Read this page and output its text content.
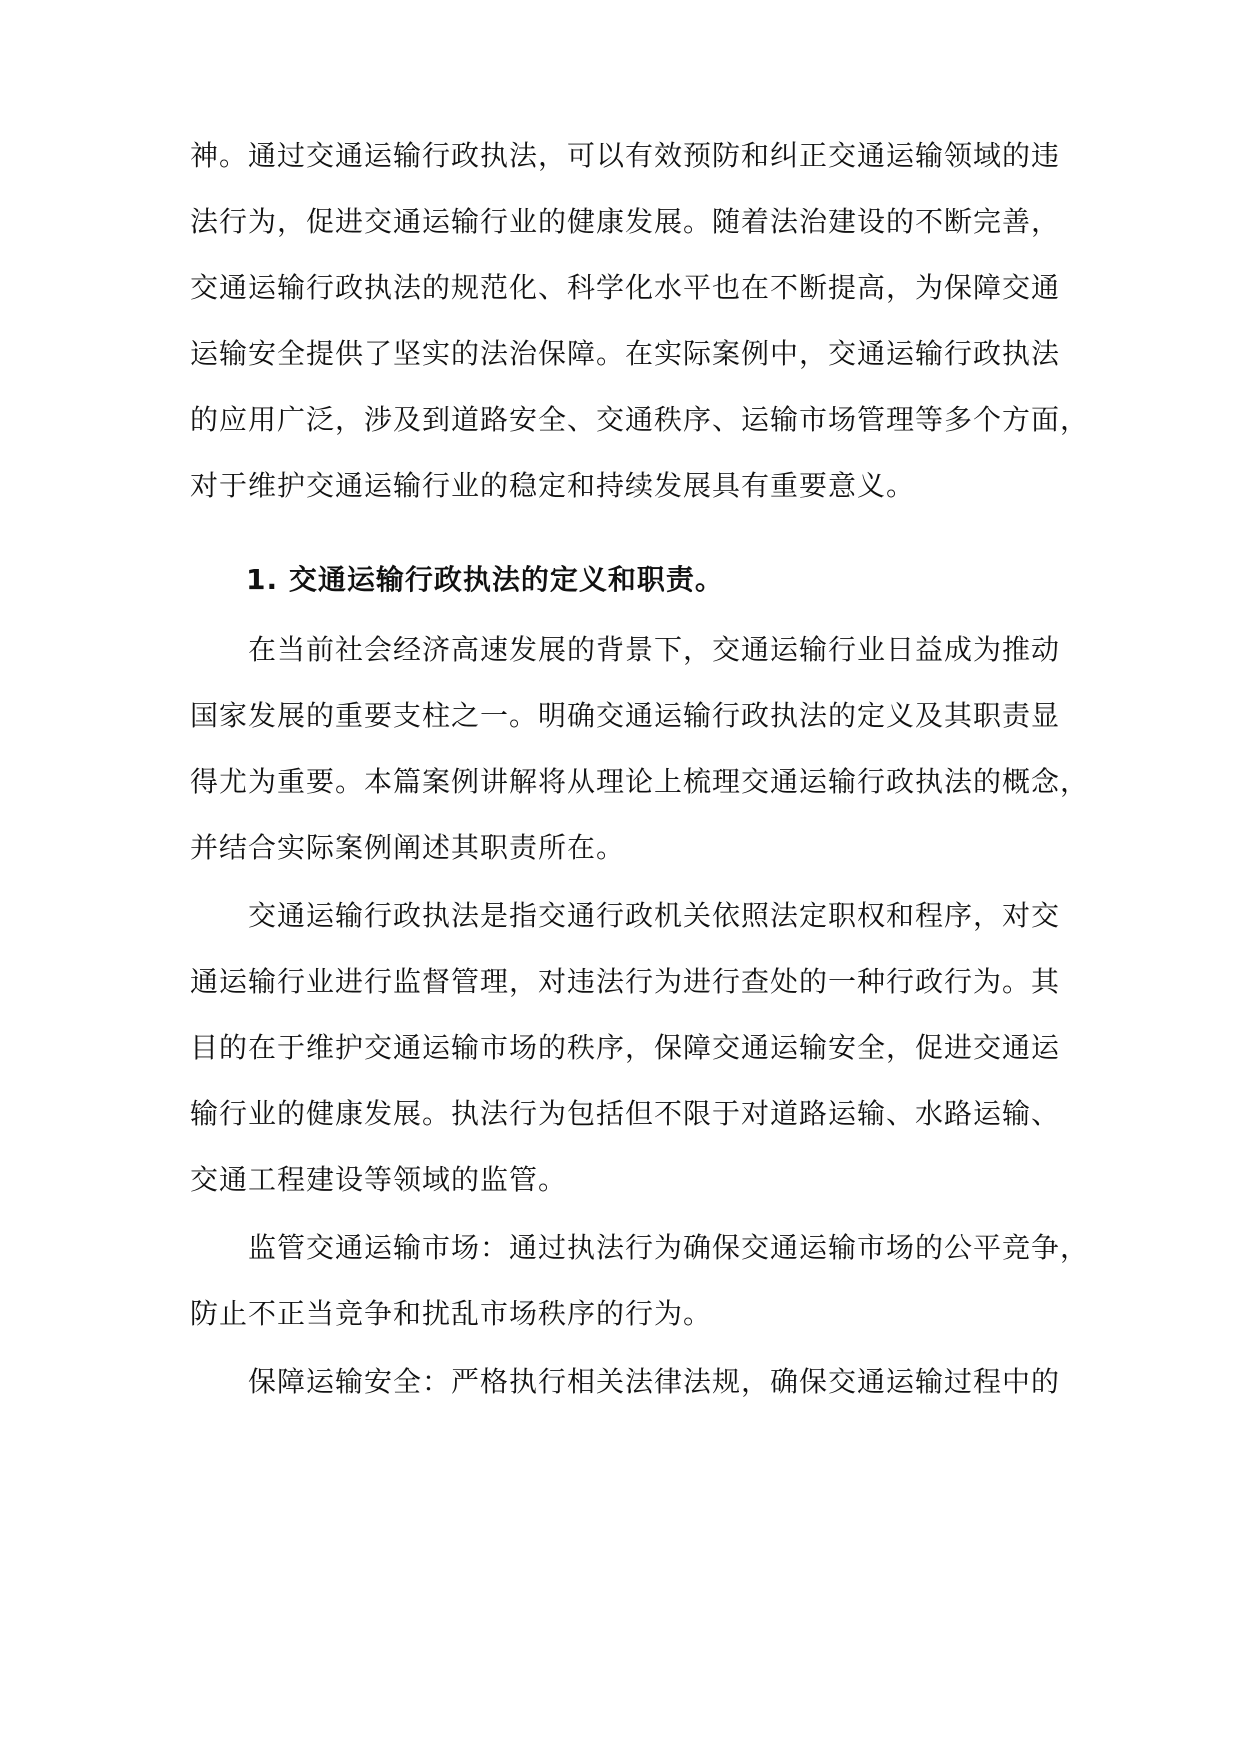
神。通过交通运输行政执法，可以有效预防和纠正交通运输领域的违
法行为，促进交通运输行业的健康发展。随着法治建设的不断完善，
交通运输行政执法的规范化、科学化水平也在不断提高，为保障交通
运输安全提供了坚实的法治保障。在实际案例中，交通运输行政执法
的应用广泛，涉及到道路安全、交通秩序、运输市场管理等多个方面，
对于维护交通运输行业的稳定和持续发展具有重要意义。
1. 交通运输行政执法的定义和职责。
在当前社会经济高速发展的背景下，交通运输行业日益成为推动
国家发展的重要支柱之一。明确交通运输行政执法的定义及其职责显
得尤为重要。本篇案例讲解将从理论上梳理交通运输行政执法的概念，
并结合实际案例阐述其职责所在。
交通运输行政执法是指交通行政机关依照法定职权和程序，对交
通运输行业进行监督管理，对违法行为进行查处的一种行政行为。其
目的在于维护交通运输市场的秩序，保障交通运输安全，促进交通运
输行业的健康发展。执法行为包括但不限于对道路运输、水路运输、
交通工程建设等领域的监管。
监管交通运输市场：通过执法行为确保交通运输市场的公平竞争，
防止不正当竞争和扰乱市场秩序的行为。
保障运输安全：严格执行相关法律法规，确保交通运输过程中的
